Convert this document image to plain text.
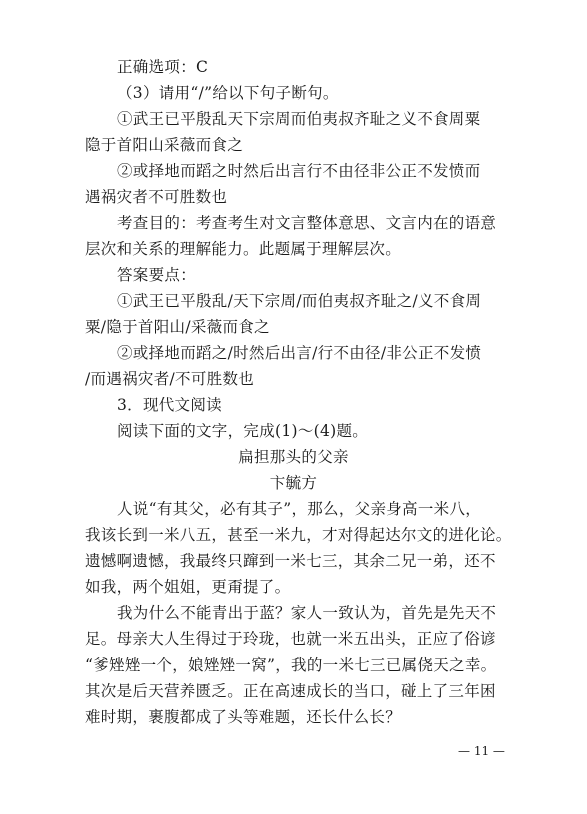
正确选项：C
（3）请用“/”给以下句子断句。
①武王已平殷乱天下宗周而伯夷叔齐耻之义不食周粟
隐于首阳山采薇而食之
②或择地而蹈之时然后出言行不由径非公正不发愤而
遇祸灾者不可胜数也
考查目的：考查考生对文言整体意思、文言内在的语意
层次和关系的理解能力。此题属于理解层次。
答案要点：
①武王已平殷乱/天下宗周/而伯夷叔齐耻之/义不食周
粟/隐于首阳山/采薇而食之
②或择地而蹈之/时然后出言/行不由径/非公正不发愤
/而遇祸灾者/不可胜数也
3．现代文阅读
阅读下面的文字，完成(1)～(4)题。
扁担那头的父亲
卞毓方
人说“有其父，必有其子”，那么，父亲身高一米八，
我该长到一米八五，甚至一米九，才对得起达尔文的进化论。
遗憾啊遗憾，我最终只蹿到一米七三，其余二兄一弟，还不
如我，两个姐姐，更甭提了。
我为什么不能青出于蓝？家人一致认为，首先是先天不
足。母亲大人生得过于玲珑，也就一米五出头，正应了俗谚
“爹矬矬一个，娘矬矬一窝”，我的一米七三已属侥天之幸。
其次是后天营养匮乏。正在高速成长的当口，碰上了三年困
难时期，裹腹都成了头等难题，还长什么长？
— 11 —
